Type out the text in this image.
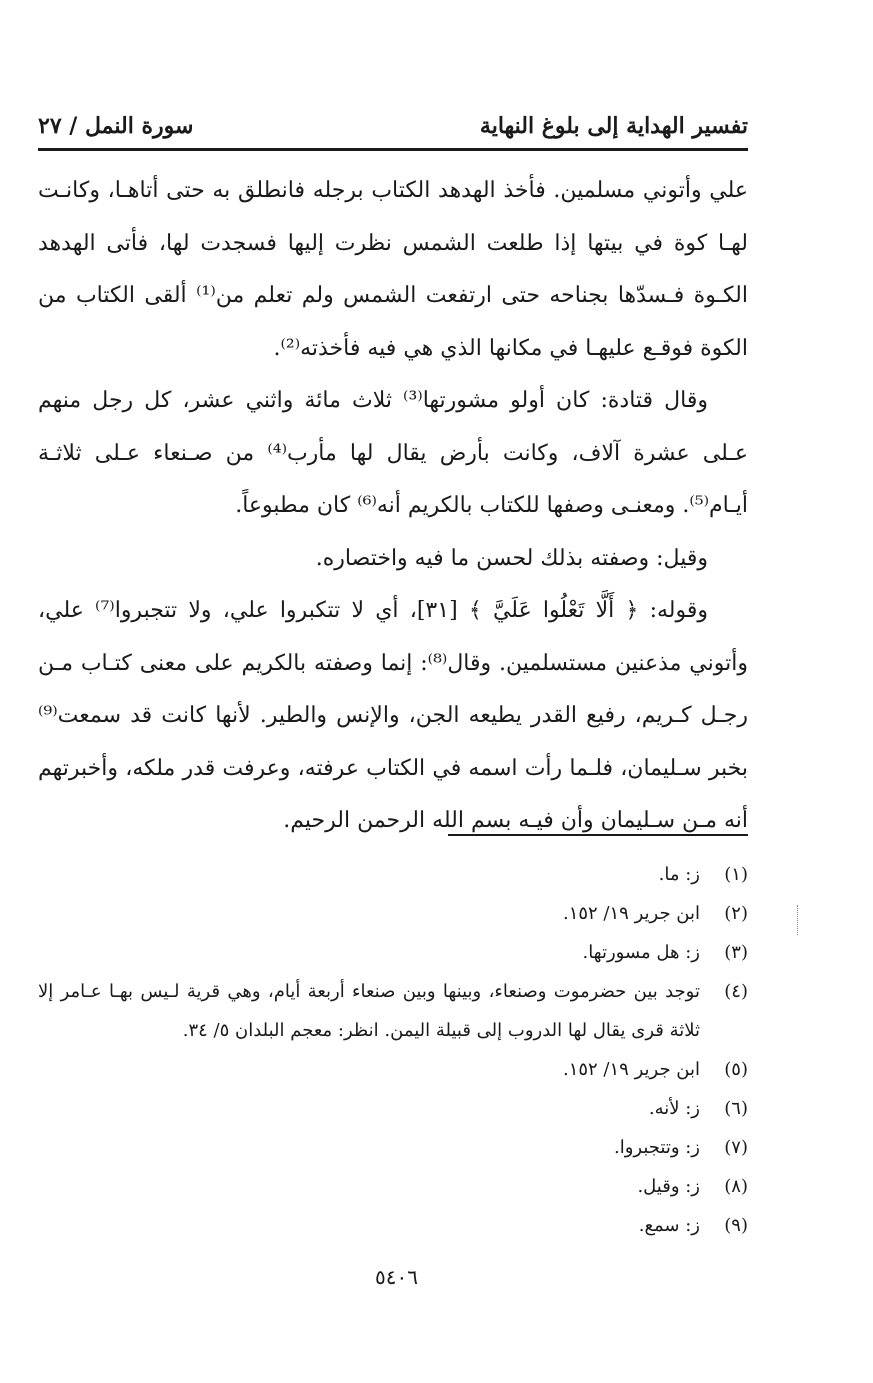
تفسير الهداية إلى بلوغ النهاية
سورة النمل / ٢٧

علي وأتوني مسلمين. فأخذ الهدهد الكتاب برجله فانطلق به حتى أتاهـا، وكانـت لهـا كوة في بيتها إذا طلعت الشمس نظرت إليها فسجدت لها، فأتى الهدهد الكـوة فـسدّها بجناحه حتى ارتفعت الشمس ولم تعلم من⁽¹⁾ ألقى الكتاب من الكوة فوقـع عليهـا في مكانها الذي هي فيه فأخذته⁽²⁾.

وقال قتادة: كان أولو مشورتها⁽³⁾ ثلاث مائة واثني عشر، كل رجل منهم عـلى عشرة آلاف، وكانت بأرض يقال لها مأرب⁽⁴⁾ من صـنعاء عـلى ثلاثـة أيـام⁽⁵⁾. ومعنـى وصفها للكتاب بالكريم أنه⁽⁶⁾ كان مطبوعاً.

وقيل: وصفته بذلك لحسن ما فيه واختصاره.

وقوله: ﴿ أَلَّا تَعْلُوا عَلَيَّ ﴾ [٣١]، أي لا تتكبروا علي، ولا تتجبروا⁽⁷⁾ علي، وأتوني مذعنين مستسلمين. وقال⁽⁸⁾: إنما وصفته بالكريم على معنى كتـاب مـن رجـل كـريم، رفيع القدر يطيعه الجن، والإنس والطير. لأنها كانت قد سمعت⁽⁹⁾ بخبر سـليمان، فلـما رأت اسمه في الكتاب عرفته، وعرفت قدر ملكه، وأخبرتهم أنه مـن سـليمان وأن فيـه بسم الله الرحمن الرحيم.

(١)
ز: ما.
(٢)
ابن جرير ١٩/ ١٥٢.
(٣)
ز: هل مسورتها.
(٤)
توجد بين حضرموت وصنعاء، وبينها وبين صنعاء أربعة أيام، وهي قرية لـيس بهـا عـامر إلا ثلاثة قرى يقال لها الدروب إلى قبيلة اليمن. انظر: معجم البلدان ٥/ ٣٤.
(٥)
ابن جرير ١٩/ ١٥٢.
(٦)
ز: لأنه.
(٧)
ز: وتتجبروا.
(٨)
ز: وقيل.
(٩)
ز: سمع.
٥٤٠٦
